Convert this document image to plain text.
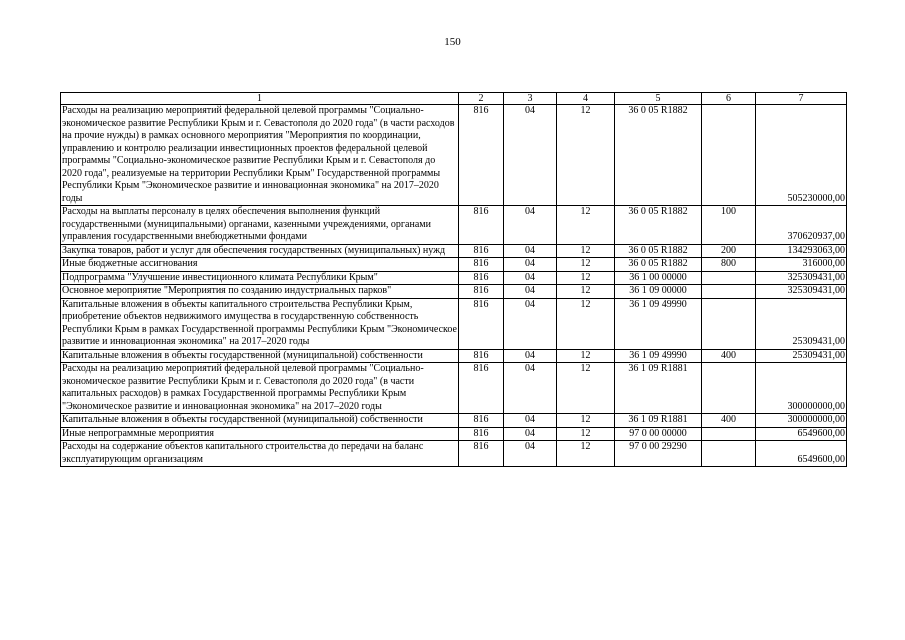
150
1	2	3	4	5	6	7
Расходы на реализацию мероприятий федеральной целевой программы "Социально-экономическое развитие Республики Крым и г. Севастополя до 2020 года" (в части расходов на прочие нужды) в рамках основного мероприятия "Мероприятия по координации, управлению и контролю реализации инвестиционных проектов федеральной целевой программы "Социально-экономическое развитие Республики Крым и г. Севастополя до 2020 года", реализуемые на территории Республики Крым" Государственной программы Республики Крым "Экономическое развитие и инновационная экономика" на 2017–2020 годы	816	04	12	36 0 05 R1882		505230000,00
Расходы на выплаты персоналу в целях обеспечения выполнения функций государственными (муниципальными) органами, казенными учреждениями, органами управления государственными внебюджетными фондами	816	04	12	36 0 05 R1882	100	370620937,00
Закупка товаров, работ и услуг для обеспечения государственных (муниципальных) нужд	816	04	12	36 0 05 R1882	200	134293063,00
Иные бюджетные ассигнования	816	04	12	36 0 05 R1882	800	316000,00
Подпрограмма "Улучшение инвестиционного климата Республики Крым"	816	04	12	36 1 00 00000		325309431,00
Основное мероприятие "Мероприятия по созданию индустриальных парков"	816	04	12	36 1 09 00000		325309431,00
Капитальные вложения в объекты капитального строительства Республики Крым, приобретение объектов недвижимого имущества в государственную собственность Республики Крым в рамках Государственной программы Республики Крым "Экономическое развитие и инновационная экономика" на 2017–2020 годы	816	04	12	36 1 09 49990		25309431,00
Капитальные вложения в объекты государственной (муниципальной) собственности	816	04	12	36 1 09 49990	400	25309431,00
Расходы на реализацию мероприятий федеральной целевой программы "Социально-экономическое развитие Республики Крым и г. Севастополя до 2020 года" (в части капитальных расходов) в рамках Государственной программы Республики Крым "Экономическое развитие и инновационная экономика" на 2017–2020 годы	816	04	12	36 1 09 R1881		300000000,00
Капитальные вложения в объекты государственной (муниципальной) собственности	816	04	12	36 1 09 R1881	400	300000000,00
Иные непрограммные мероприятия	816	04	12	97 0 00 00000		6549600,00
Расходы на содержание объектов капитального строительства до передачи на баланс эксплуатирующим организациям	816	04	12	97 0 00 29290		6549600,00
